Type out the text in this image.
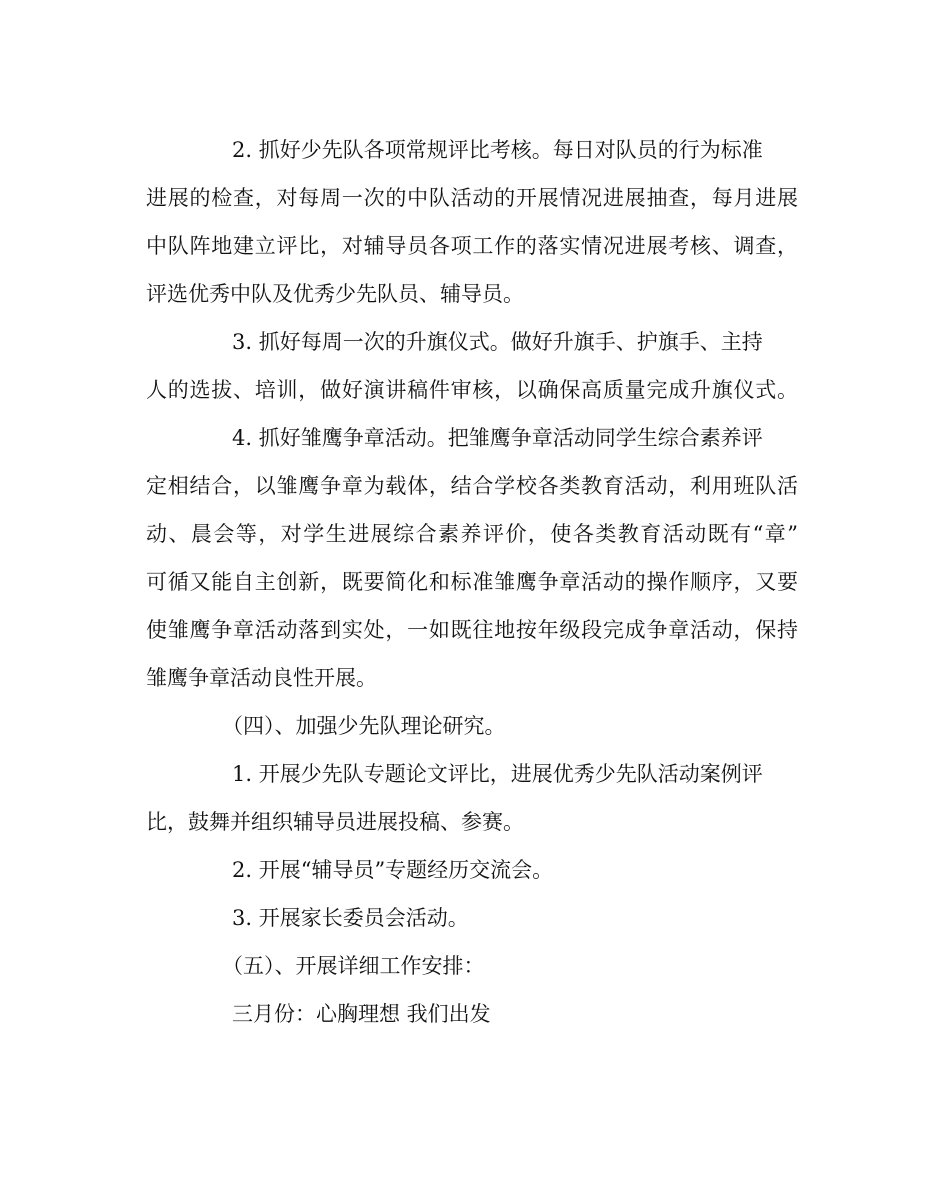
2. 抓好少先队各项常规评比考核。每日对队员的行为标准
进展的检查，对每周一次的中队活动的开展情况进展抽查，每月进展
中队阵地建立评比，对辅导员各项工作的落实情况进展考核、调查，
评选优秀中队及优秀少先队员、辅导员。
3. 抓好每周一次的升旗仪式。做好升旗手、护旗手、主持
人的选拔、培训，做好演讲稿件审核，以确保高质量完成升旗仪式。
4. 抓好雏鹰争章活动。把雏鹰争章活动同学生综合素养评
定相结合，以雏鹰争章为载体，结合学校各类教育活动，利用班队活
动、晨会等，对学生进展综合素养评价，使各类教育活动既有“章”
可循又能自主创新，既要简化和标准雏鹰争章活动的操作顺序，又要
使雏鹰争章活动落到实处，一如既往地按年级段完成争章活动，保持
雏鹰争章活动良性开展。
（四）、加强少先队理论研究。
1. 开展少先队专题论文评比，进展优秀少先队活动案例评
比，鼓舞并组织辅导员进展投稿、参赛。
2. 开展“辅导员”专题经历交流会。
3. 开展家长委员会活动。
（五）、开展详细工作安排：
三月份：心胸理想 我们出发
